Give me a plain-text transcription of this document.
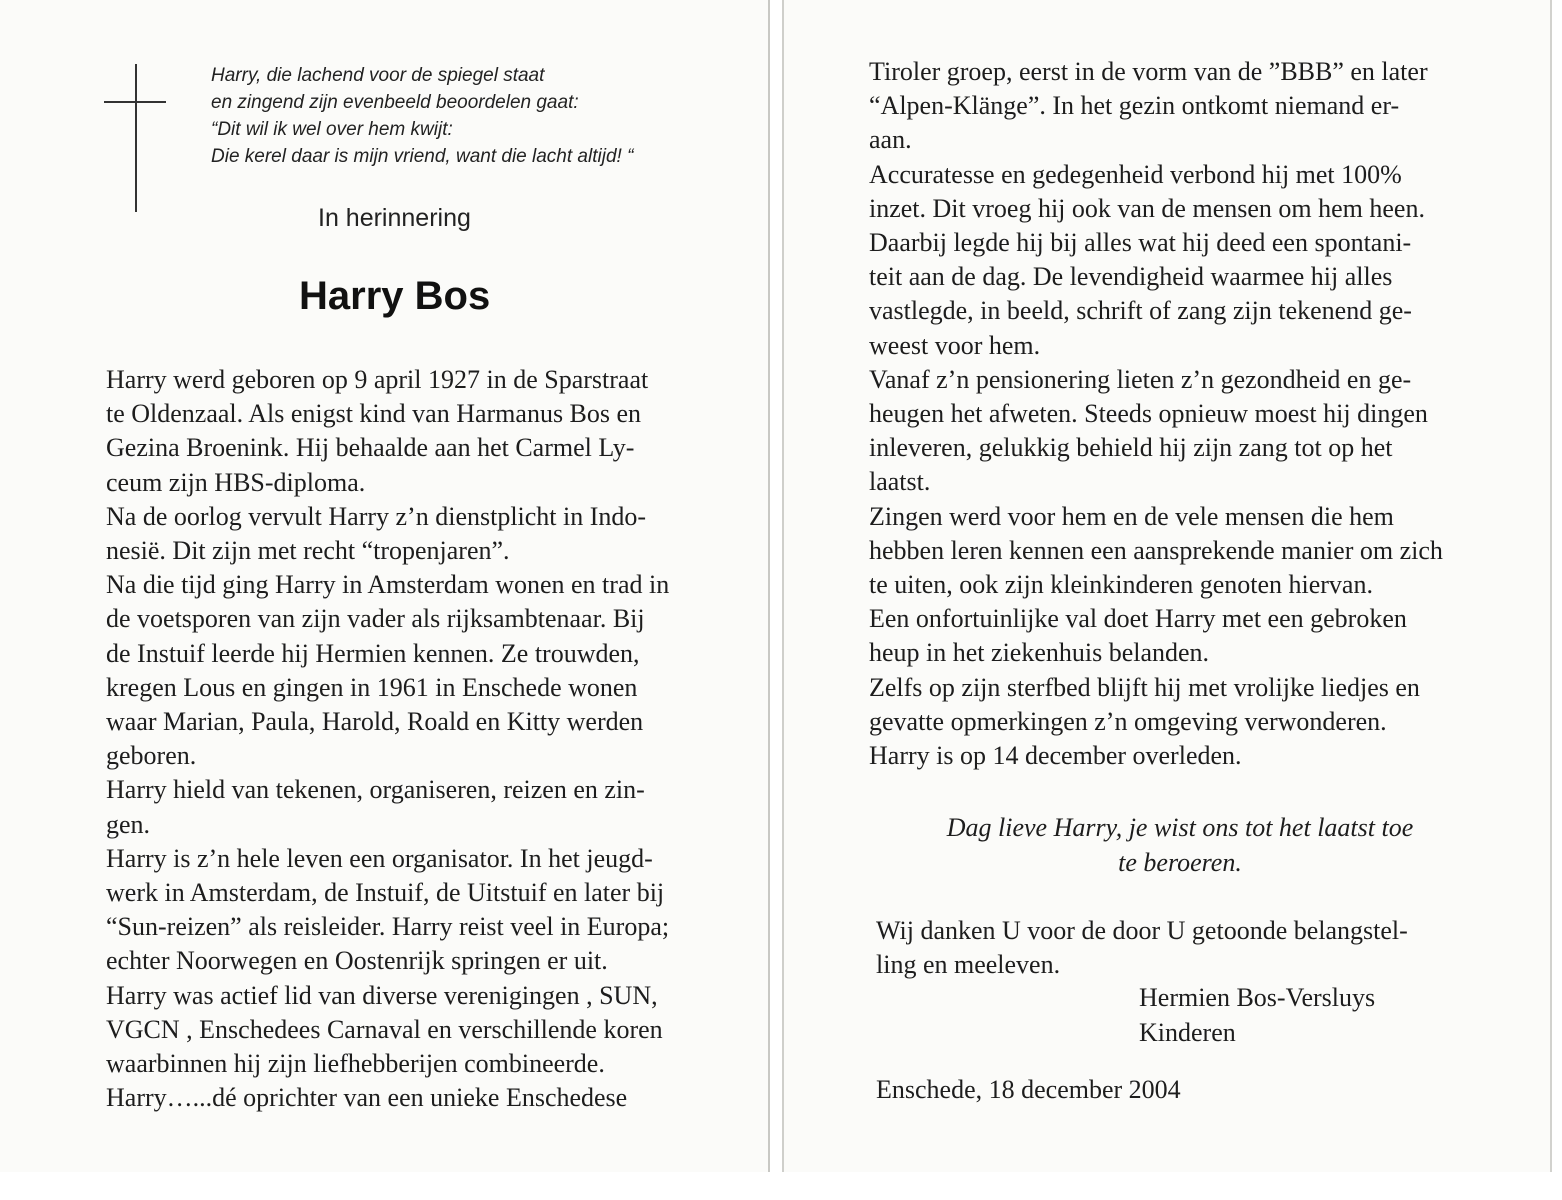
Harry, die lachend voor de spiegel staat
en zingend zijn evenbeeld beoordelen gaat:
“Dit wil ik wel over hem kwijt:
Die kerel daar is mijn vriend, want die lacht altijd! “
In herinnering
Harry Bos
Harry werd geboren op 9 april 1927 in de Sparstraat
te Oldenzaal. Als enigst kind van Harmanus Bos en
Gezina Broenink. Hij behaalde aan het Carmel Ly-
ceum zijn HBS-diploma.
Na de oorlog vervult Harry z’n dienstplicht in Indo-
nesië. Dit zijn met recht “tropenjaren”.
Na die tijd ging Harry in Amsterdam wonen en trad in
de voetsporen van zijn vader als rijksambtenaar. Bij
de Instuif leerde hij Hermien kennen. Ze trouwden,
kregen Lous en gingen in 1961 in Enschede wonen
waar Marian, Paula, Harold, Roald en Kitty werden
geboren.
Harry hield van tekenen, organiseren, reizen en zin-
gen.
Harry is z’n hele leven een organisator. In het jeugd-
werk in Amsterdam, de Instuif, de Uitstuif en later bij
“Sun-reizen” als reisleider. Harry reist veel in Europa;
echter Noorwegen en Oostenrijk springen er uit.
Harry was actief lid van diverse verenigingen , SUN,
VGCN , Enschedees Carnaval en verschillende koren
waarbinnen hij zijn liefhebberijen combineerde.
Harry…...dé oprichter van een unieke Enschedese
Tiroler groep, eerst in de vorm van de ”BBB” en later
“Alpen-Klänge”. In het gezin ontkomt niemand er-
aan.
Accuratesse en gedegenheid verbond hij met 100%
inzet. Dit vroeg hij ook van de mensen om hem heen.
Daarbij legde hij bij alles wat hij deed een spontani-
teit aan de dag. De levendigheid waarmee hij alles
vastlegde, in beeld, schrift of zang zijn tekenend ge-
weest voor hem.
Vanaf z’n pensionering lieten z’n gezondheid en ge-
heugen het afweten. Steeds opnieuw moest hij dingen
inleveren, gelukkig behield hij zijn zang tot op het
laatst.
Zingen werd voor hem en de vele mensen die hem
hebben leren kennen een aansprekende manier om zich
te uiten, ook zijn kleinkinderen genoten hiervan.
Een onfortuinlijke val doet Harry met een gebroken
heup in het ziekenhuis belanden.
Zelfs op zijn sterfbed blijft hij met vrolijke liedjes en
gevatte opmerkingen z’n omgeving verwonderen.
Harry is op 14 december overleden.
Dag lieve Harry, je wist ons tot het laatst toe
te beroeren.
Wij danken U voor de door U getoonde belangstel-
ling en meeleven.
Hermien Bos-Versluys
Kinderen
Enschede, 18 december 2004
